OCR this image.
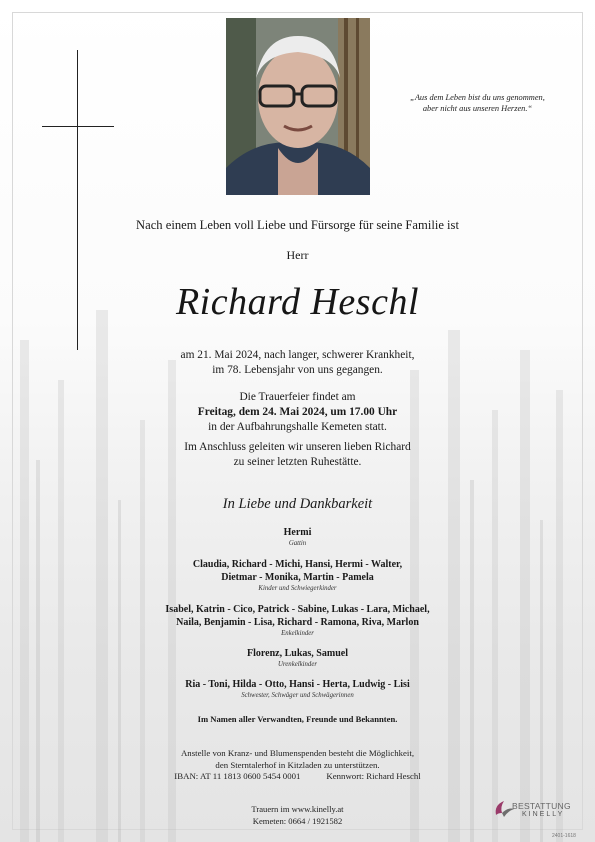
„Aus dem Leben bist du uns genommen,
aber nicht aus unseren Herzen.“
Nach einem Leben voll Liebe und Fürsorge für seine Familie ist
Herr
Richard Heschl
am 21. Mai 2024, nach langer, schwerer Krankheit,
im 78. Lebensjahr von uns gegangen.
Die Trauerfeier findet am
Freitag, dem 24. Mai 2024, um 17.00 Uhr
in der Aufbahrungshalle Kemeten statt.
Im Anschluss geleiten wir unseren lieben Richard
zu seiner letzten Ruhestätte.
In Liebe und Dankbarkeit
Hermi
Gattin
Claudia, Richard - Michi, Hansi, Hermi - Walter,
Dietmar - Monika, Martin - Pamela
Kinder und Schwiegerkinder
Isabel, Katrin - Cico, Patrick - Sabine, Lukas - Lara, Michael,
Naila, Benjamin - Lisa, Richard - Ramona, Riva, Marlon
Enkelkinder
Florenz, Lukas, Samuel
Urenkelkinder
Ria - Toni, Hilda - Otto, Hansi - Herta, Ludwig - Lisi
Schwester, Schwäger und Schwägerinnen
Im Namen aller Verwandten, Freunde und Bekannten.
Anstelle von Kranz- und Blumenspenden besteht die Möglichkeit,
den Sterntalerhof in Kitzladen zu unterstützen.
IBAN: AT 11 1813 0600 5454 0001	Kennwort: Richard Heschl
Trauern im www.kinelly.at
Kemeten: 0664 / 1921582
BESTATTUNG
KINELLY
2401-1618
